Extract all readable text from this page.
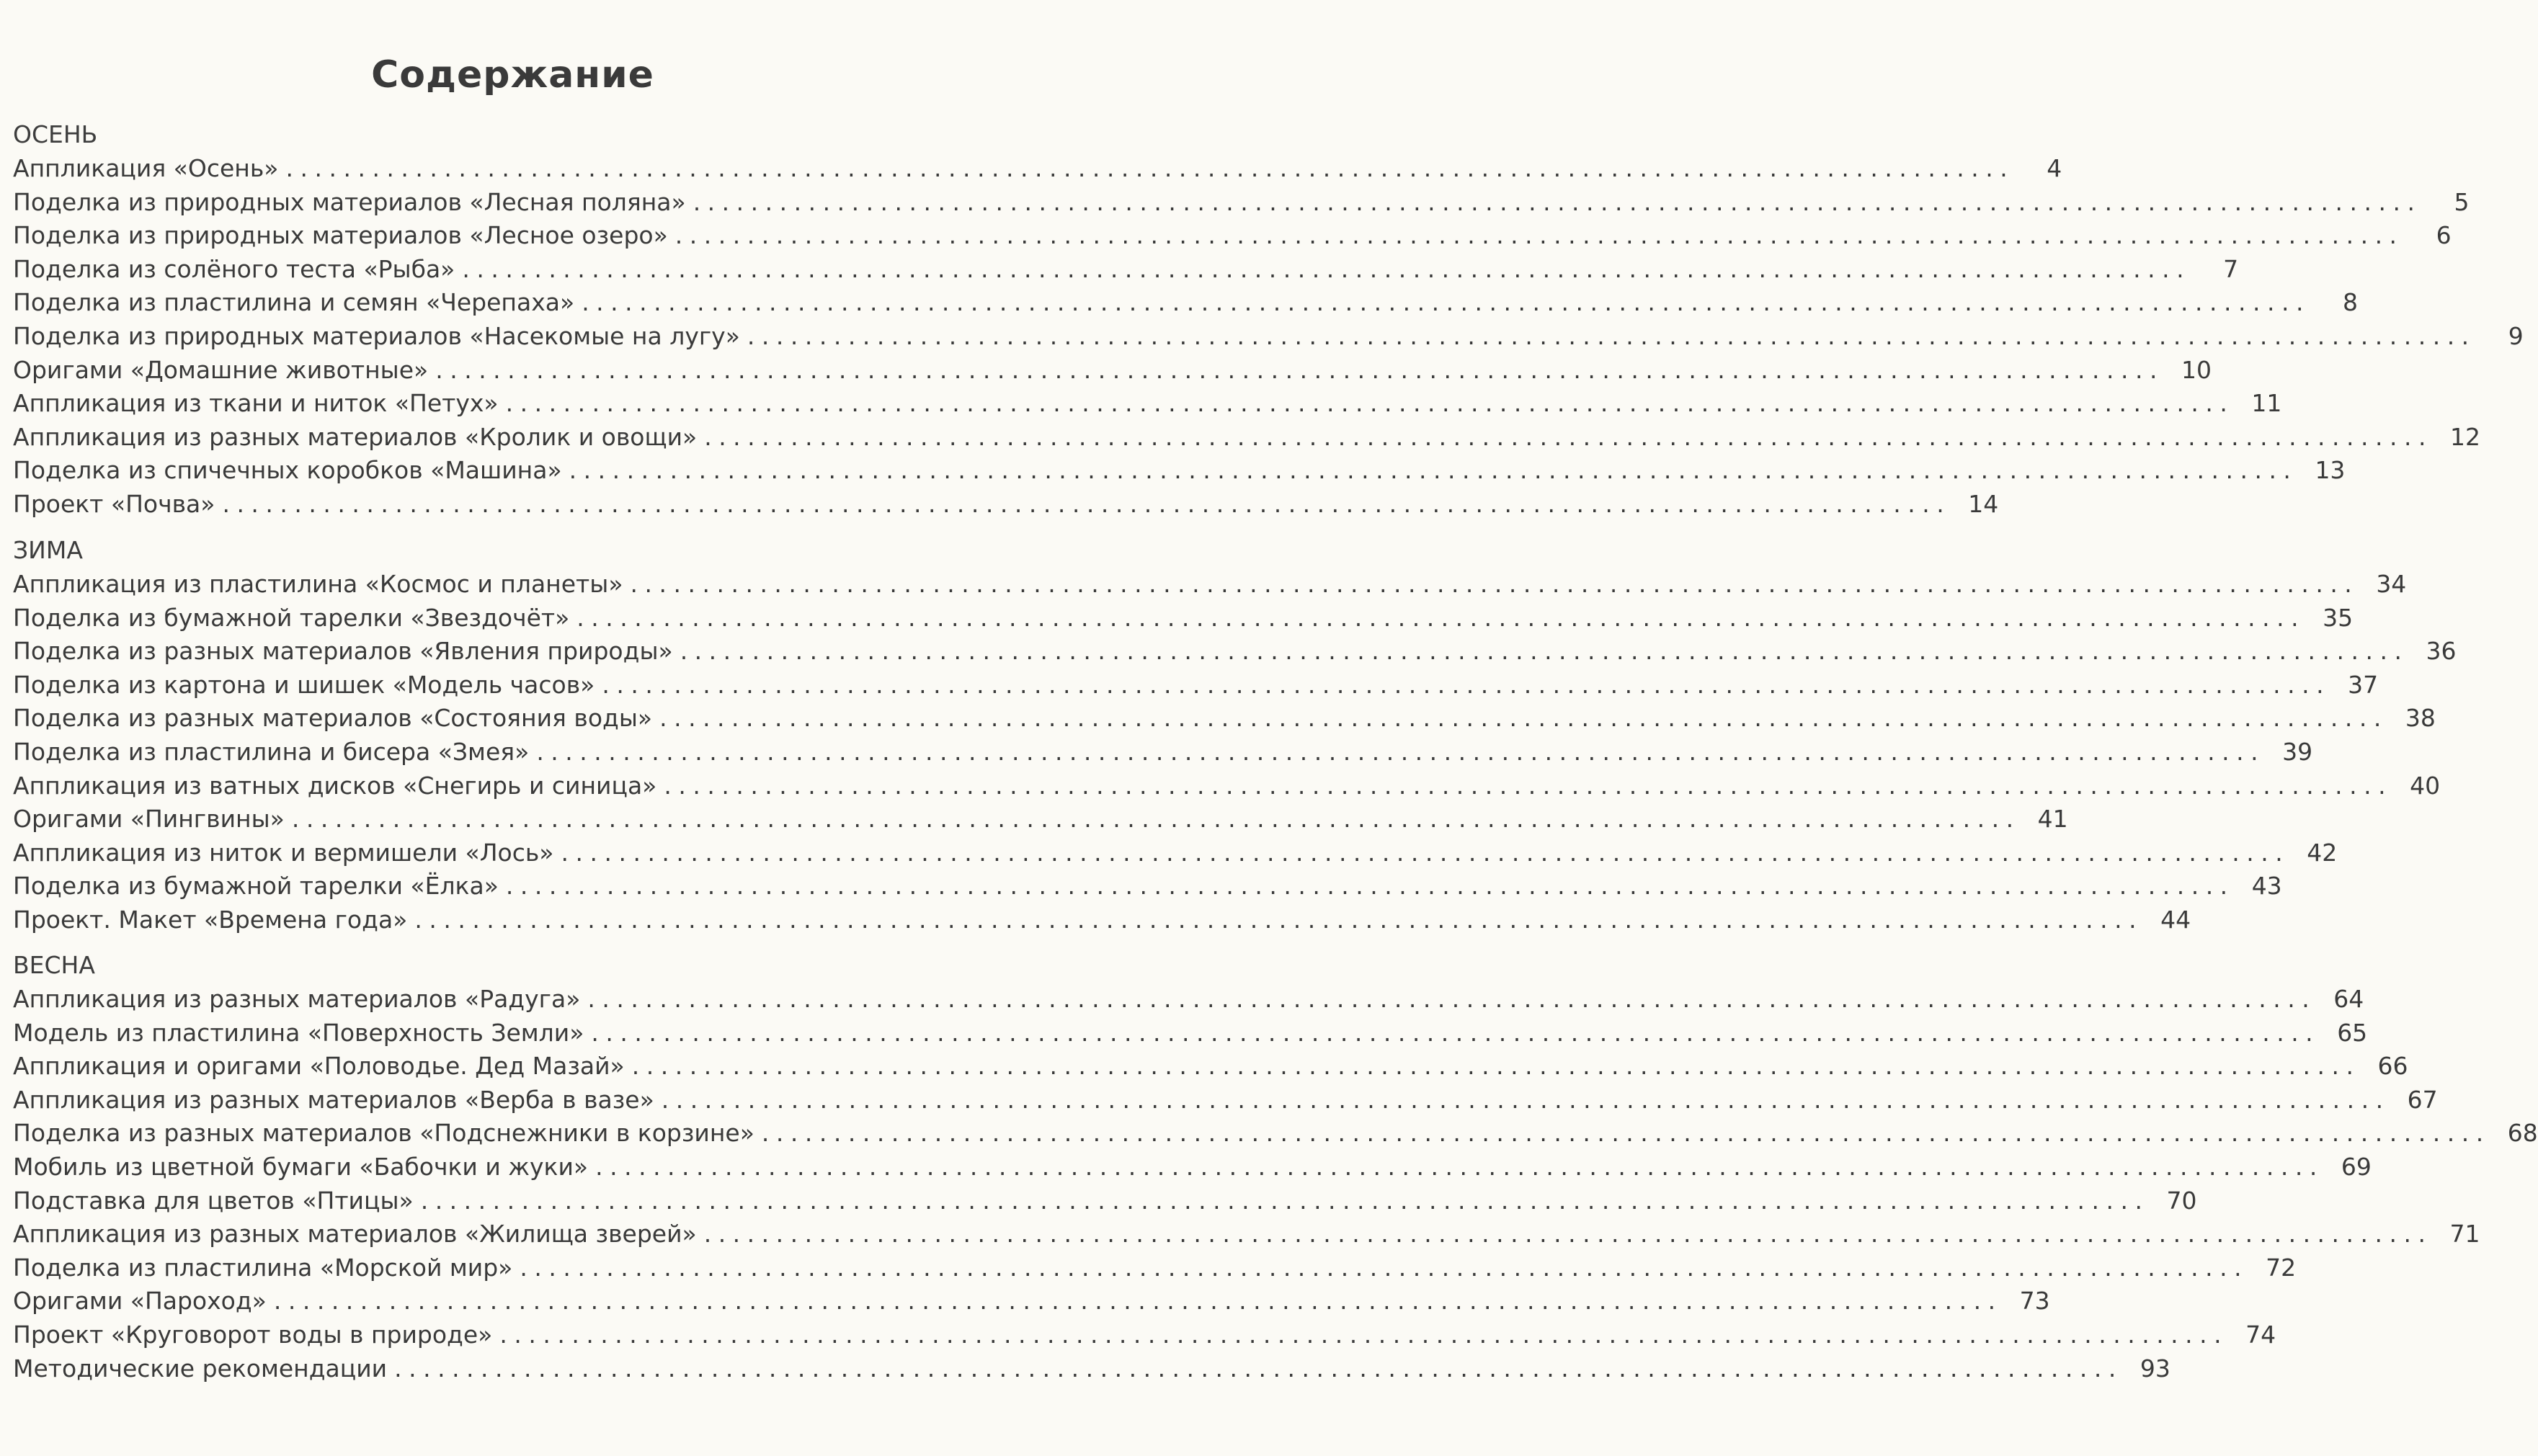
Содержание
ОСЕНЬ
Аппликация «Осень» ........................................................................................................................	4
Поделка из природных материалов «Лесная поляна» ........................................................................................................................	5
Поделка из природных материалов «Лесное озеро» ........................................................................................................................	6
Поделка из солёного теста «Рыба» ........................................................................................................................	7
Поделка из пластилина и семян «Черепаха» ........................................................................................................................	8
Поделка из природных материалов «Насекомые на лугу» ........................................................................................................................	9
Оригами «Домашние животные» ........................................................................................................................ 10
Аппликация из ткани и ниток «Петух» ........................................................................................................................ 11
Аппликация из разных материалов «Кролик и овощи» ........................................................................................................................ 12
Поделка из спичечных коробков «Машина» ........................................................................................................................ 13
Проект «Почва» ........................................................................................................................ 14
ЗИМА
Аппликация из пластилина «Космос и планеты» ........................................................................................................................ 34
Поделка из бумажной тарелки «Звездочёт» ........................................................................................................................ 35
Поделка из разных материалов «Явления природы» ........................................................................................................................ 36
Поделка из картона и шишек «Модель часов» ........................................................................................................................ 37
Поделка из разных материалов «Состояния воды» ........................................................................................................................ 38
Поделка из пластилина и бисера «Змея» ........................................................................................................................ 39
Аппликация из ватных дисков «Снегирь и синица» ........................................................................................................................ 40
Оригами «Пингвины» ........................................................................................................................ 41
Аппликация из ниток и вермишели «Лось» ........................................................................................................................ 42
Поделка из бумажной тарелки «Ёлка» ........................................................................................................................ 43
Проект. Макет «Времена года» ........................................................................................................................ 44
ВЕСНА
Аппликация из разных материалов «Радуга» ........................................................................................................................ 64
Модель из пластилина «Поверхность Земли» ........................................................................................................................ 65
Аппликация и оригами «Половодье. Дед Мазай» ........................................................................................................................ 66
Аппликация из разных материалов «Верба в вазе» ........................................................................................................................ 67
Поделка из разных материалов «Подснежники в корзине» ........................................................................................................................ 68
Мобиль из цветной бумаги «Бабочки и жуки» ........................................................................................................................ 69
Подставка для цветов «Птицы» ........................................................................................................................ 70
Аппликация из разных материалов «Жилища зверей» ........................................................................................................................ 71
Поделка из пластилина «Морской мир» ........................................................................................................................ 72
Оригами «Пароход» ........................................................................................................................ 73
Проект «Круговорот воды в природе» ........................................................................................................................ 74
Методические рекомендации ........................................................................................................................ 93
